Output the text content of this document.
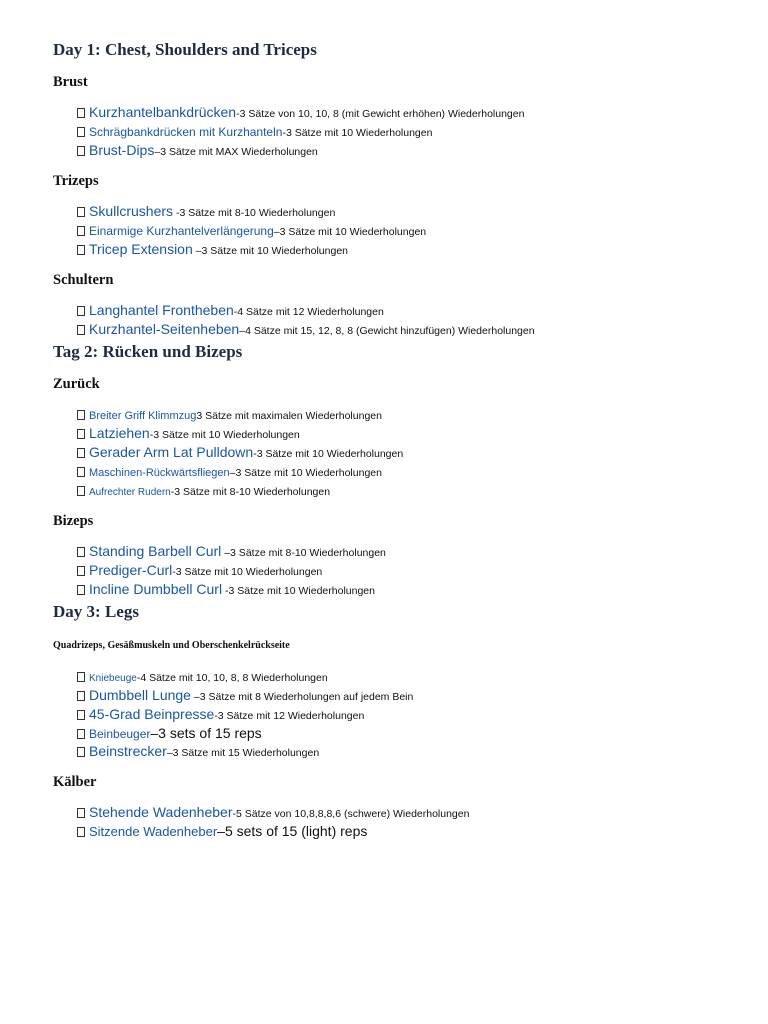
Day 1: Chest, Shoulders and Triceps
Brust
Kurzhantelbankdrücken-3 Sätze von 10, 10, 8 (mit Gewicht erhöhen) Wiederholungen
Schrägbankdrücken mit Kurzhanteln-3 Sätze mit 10 Wiederholungen
Brust-Dips–3 Sätze mit MAX Wiederholungen
Trizeps
Skullcrushers -3 Sätze mit 8-10 Wiederholungen
Einarmige Kurzhantelverlängerung–3 Sätze mit 10 Wiederholungen
Tricep Extension –3 Sätze mit 10 Wiederholungen
Schultern
Langhantel Frontheben-4 Sätze mit 12 Wiederholungen
Kurzhantel-Seitenheben–4 Sätze mit 15, 12, 8, 8 (Gewicht hinzufügen) Wiederholungen
Tag 2: Rücken und Bizeps
Zurück
Breiter Griff Klimmzug3 Sätze mit maximalen Wiederholungen
Latziehen-3 Sätze mit 10 Wiederholungen
Gerader Arm Lat Pulldown-3 Sätze mit 10 Wiederholungen
Maschinen-Rückwärtsfliegen–3 Sätze mit 10 Wiederholungen
Aufrechter Rudern-3 Sätze mit 8-10 Wiederholungen
Bizeps
Standing Barbell Curl –3 Sätze mit 8-10 Wiederholungen
Prediger-Curl-3 Sätze mit 10 Wiederholungen
Incline Dumbbell Curl -3 Sätze mit 10 Wiederholungen
Day 3: Legs
Quadrizeps, Gesäßmuskeln und Oberschenkelrückseite
Kniebeuge-4 Sätze mit 10, 10, 8, 8 Wiederholungen
Dumbbell Lunge –3 Sätze mit 8 Wiederholungen auf jedem Bein
45-Grad Beinpresse-3 Sätze mit 12 Wiederholungen
Beinbeuger–3 sets of 15 reps
Beinstrecker–3 Sätze mit 15 Wiederholungen
Kälber
Stehende Wadenheber-5 Sätze von 10,8,8,8,6 (schwere) Wiederholungen
Sitzende Wadenheber–5 sets of 15 (light) reps
